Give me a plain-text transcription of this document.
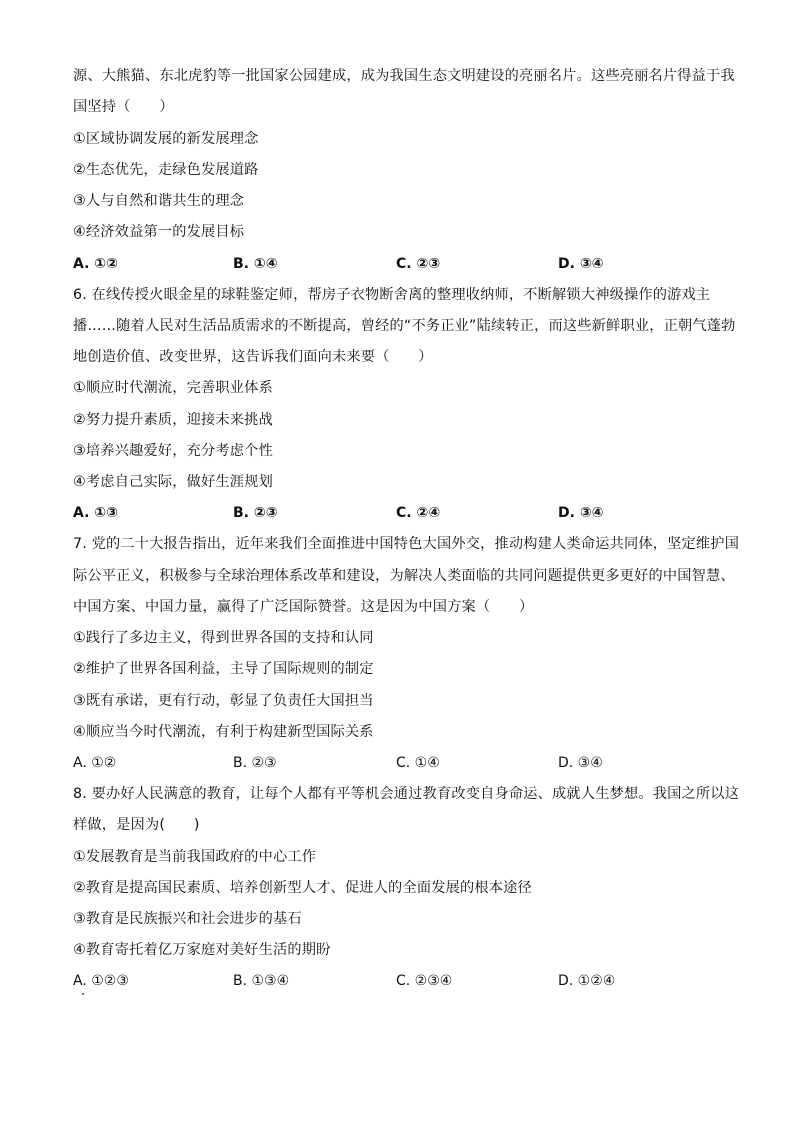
源、大熊猫、东北虎豹等一批国家公园建成，成为我国生态文明建设的亮丽名片。这些亮丽名片得益于我
国坚持（　　）
①区域协调发展的新发展理念
②生态优先，走绿色发展道路
③人与自然和谐共生的理念
④经济效益第一的发展目标
A. ①②	B. ①④	C. ②③	D. ③④
6. 在线传授火眼金星的球鞋鉴定师，帮房子衣物断舍离的整理收纳师，不断解锁大神级操作的游戏主
播……随着人民对生活品质需求的不断提高，曾经的“不务正业”陆续转正，而这些新鲜职业，正朝气蓬勃
地创造价值、改变世界，这告诉我们面向未来要（　　）
①顺应时代潮流，完善职业体系
②努力提升素质，迎接未来挑战
③培养兴趣爱好，充分考虑个性
④考虑自己实际，做好生涯规划
A. ①③	B. ②③	C. ②④	D. ③④
7. 党的二十大报告指出，近年来我们全面推进中国特色大国外交，推动构建人类命运共同体，坚定维护国
际公平正义，积极参与全球治理体系改革和建设，为解决人类面临的共同问题提供更多更好的中国智慧、
中国方案、中国力量，赢得了广泛国际赞誉。这是因为中国方案（　　）
①践行了多边主义，得到世界各国的支持和认同
②维护了世界各国利益，主导了国际规则的制定
③既有承诺，更有行动，彰显了负责任大国担当
④顺应当今时代潮流，有利于构建新型国际关系
A. ①②	B. ②③	C. ①④	D. ③④
8. 要办好人民满意的教育，让每个人都有平等机会通过教育改变自身命运、成就人生梦想。我国之所以这
样做，是因为(　　)
①发展教育是当前我国政府的中心工作
②教育是提高国民素质、培养创新型人才、促进人的全面发展的根本途径
③教育是民族振兴和社会进步的基石
④教育寄托着亿万家庭对美好生活的期盼
A. ①②③	B. ①③④	C. ②③④	D. ①②④
